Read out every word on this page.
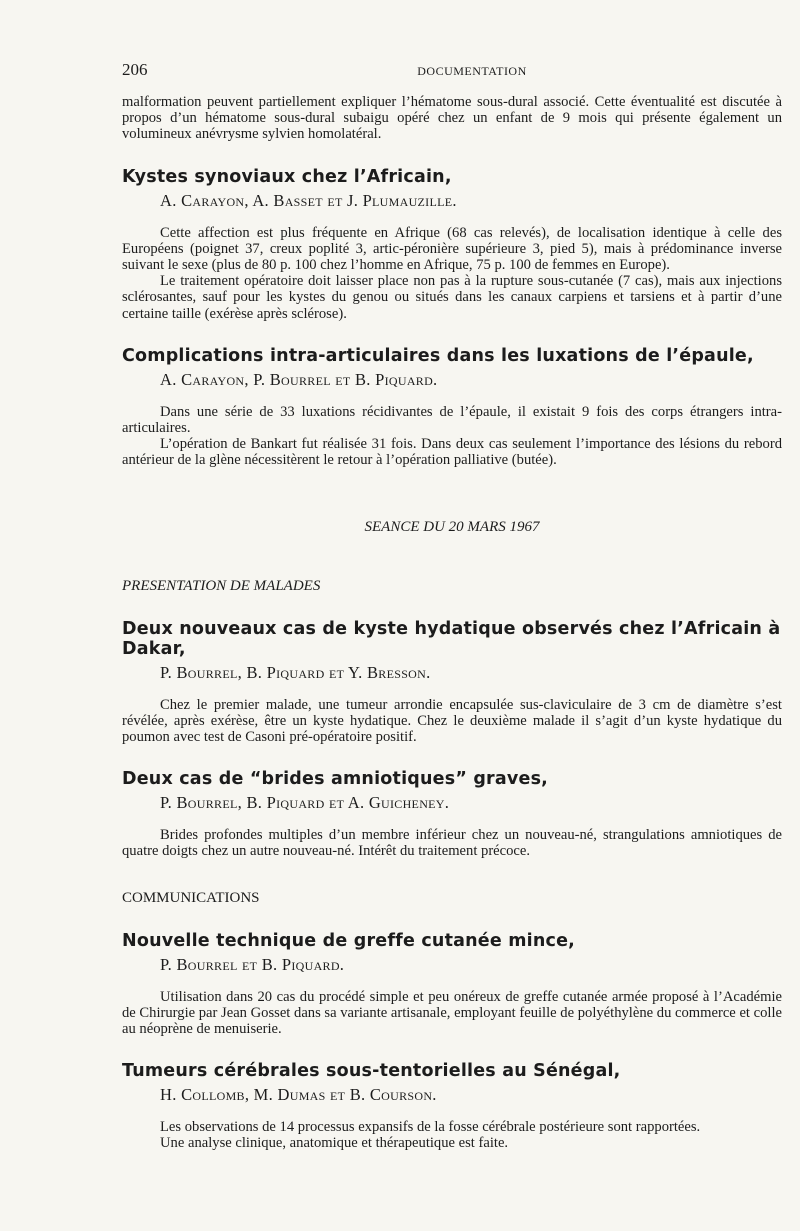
206	DOCUMENTATION

malformation peuvent partiellement expliquer l’hématome sous-dural associé. Cette éventualité est discutée à propos d’un hématome sous-dural subaigu opéré chez un enfant de 9 mois qui présente également un volumineux anévrysme sylvien homolatéral.

Kystes synoviaux chez l’Africain,
A. Carayon, A. Basset et J. Plumauzille.

Cette affection est plus fréquente en Afrique (68 cas relevés), de localisation identique à celle des Européens (poignet 37, creux poplité 3, artic-péronière supérieure 3, pied 5), mais à prédominance inverse suivant le sexe (plus de 80 p. 100 chez l’homme en Afrique, 75 p. 100 de femmes en Europe).

Le traitement opératoire doit laisser place non pas à la rupture sous-cutanée (7 cas), mais aux injections sclérosantes, sauf pour les kystes du genou ou situés dans les canaux carpiens et tarsiens et à partir d’une certaine taille (exérèse après sclérose).

Complications intra-articulaires dans les luxations de l’épaule,
A. Carayon, P. Bourrel et B. Piquard.

Dans une série de 33 luxations récidivantes de l’épaule, il existait 9 fois des corps étrangers intra-articulaires.

L’opération de Bankart fut réalisée 31 fois. Dans deux cas seulement l’importance des lésions du rebord antérieur de la glène nécessitèrent le retour à l’opération palliative (butée).

SEANCE DU 20 MARS 1967
PRESENTATION DE MALADES
Deux nouveaux cas de kyste hydatique observés chez l’Africain à Dakar,
P. Bourrel, B. Piquard et Y. Bresson.

Chez le premier malade, une tumeur arrondie encapsulée sus-claviculaire de 3 cm de diamètre s’est révélée, après exérèse, être un kyste hydatique. Chez le deuxième malade il s’agit d’un kyste hydatique du poumon avec test de Casoni pré-opératoire positif.

Deux cas de “brides amniotiques” graves,
P. Bourrel, B. Piquard et A. Guicheney.

Brides profondes multiples d’un membre inférieur chez un nouveau-né, strangulations amniotiques de quatre doigts chez un autre nouveau-né. Intérêt du traitement précoce.

COMMUNICATIONS
Nouvelle technique de greffe cutanée mince,
P. Bourrel et B. Piquard.

Utilisation dans 20 cas du procédé simple et peu onéreux de greffe cutanée armée proposé à l’Académie de Chirurgie par Jean Gosset dans sa variante artisanale, employant feuille de polyéthylène du commerce et colle au néoprène de menuiserie.

Tumeurs cérébrales sous-tentorielles au Sénégal,
H. Collomb, M. Dumas et B. Courson.

Les observations de 14 processus expansifs de la fosse cérébrale postérieure sont rapportées.

Une analyse clinique, anatomique et thérapeutique est faite.
